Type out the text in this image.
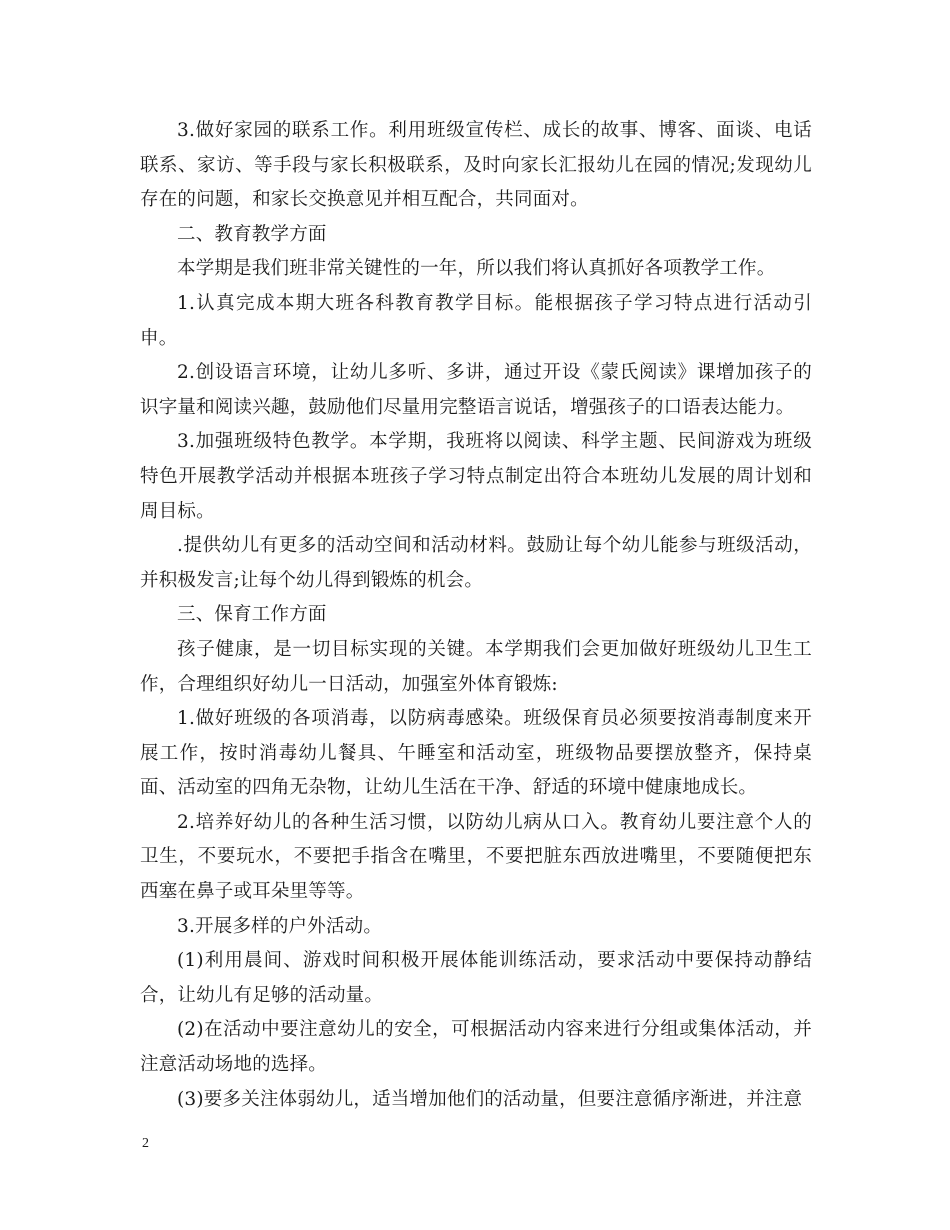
3.做好家园的联系工作。利用班级宣传栏、成长的故事、博客、面谈、电话联系、家访、等手段与家长积极联系，及时向家长汇报幼儿在园的情况;发现幼儿存在的问题，和家长交换意见并相互配合，共同面对。

二、教育教学方面

本学期是我们班非常关键性的一年，所以我们将认真抓好各项教学工作。

1.认真完成本期大班各科教育教学目标。能根据孩子学习特点进行活动引申。

2.创设语言环境，让幼儿多听、多讲，通过开设《蒙氏阅读》课增加孩子的识字量和阅读兴趣，鼓励他们尽量用完整语言说话，增强孩子的口语表达能力。

3.加强班级特色教学。本学期，我班将以阅读、科学主题、民间游戏为班级特色开展教学活动并根据本班孩子学习特点制定出符合本班幼儿发展的周计划和周目标。

.提供幼儿有更多的活动空间和活动材料。鼓励让每个幼儿能参与班级活动，并积极发言;让每个幼儿得到锻炼的机会。

三、保育工作方面

孩子健康，是一切目标实现的关键。本学期我们会更加做好班级幼儿卫生工作，合理组织好幼儿一日活动，加强室外体育锻炼:

1.做好班级的各项消毒，以防病毒感染。班级保育员必须要按消毒制度来开展工作，按时消毒幼儿餐具、午睡室和活动室，班级物品要摆放整齐，保持桌面、活动室的四角无杂物，让幼儿生活在干净、舒适的环境中健康地成长。

2.培养好幼儿的各种生活习惯，以防幼儿病从口入。教育幼儿要注意个人的卫生，不要玩水，不要把手指含在嘴里，不要把脏东西放进嘴里，不要随便把东西塞在鼻子或耳朵里等等。

3.开展多样的户外活动。

(1)利用晨间、游戏时间积极开展体能训练活动，要求活动中要保持动静结合，让幼儿有足够的活动量。

(2)在活动中要注意幼儿的安全，可根据活动内容来进行分组或集体活动，并注意活动场地的选择。

(3)要多关注体弱幼儿，适当增加他们的活动量，但要注意循序渐进，并注意

2
